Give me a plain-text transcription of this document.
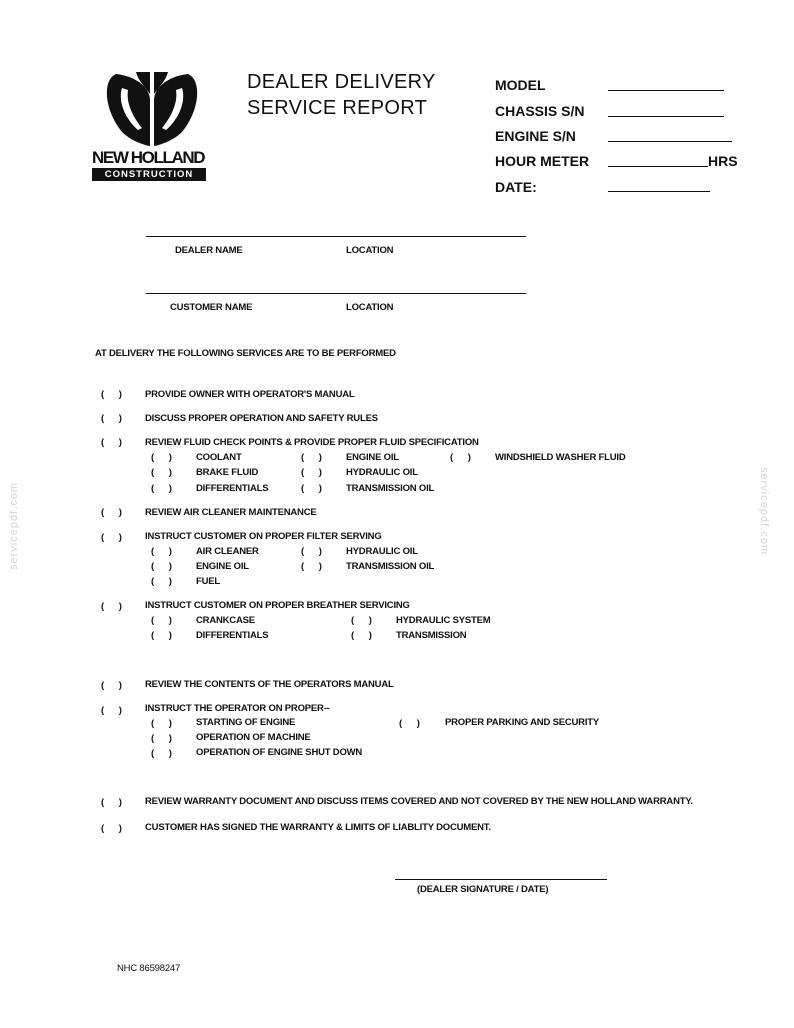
NEW HOLLAND
CONSTRUCTION
DEALER DELIVERY
SERVICE REPORT
MODEL
CHASSIS S/N
ENGINE S/N
HOUR METER	HRS
DATE:
DEALER NAME	LOCATION
CUSTOMER NAME	LOCATION
AT DELIVERY THE FOLLOWING SERVICES ARE TO BE PERFORMED
( ) PROVIDE OWNER WITH OPERATOR'S MANUAL
( ) DISCUSS PROPER OPERATION AND SAFETY RULES
( ) REVIEW FLUID CHECK POINTS & PROVIDE PROPER FLUID SPECIFICATION
( ) COOLANT	( ) ENGINE OIL	( ) WINDSHIELD WASHER FLUID
( ) BRAKE FLUID	( ) HYDRAULIC OIL
( ) DIFFERENTIALS	( ) TRANSMISSION OIL
( ) REVIEW AIR CLEANER MAINTENANCE
( ) INSTRUCT CUSTOMER ON PROPER FILTER SERVING
( ) AIR CLEANER	( ) HYDRAULIC OIL
( ) ENGINE OIL	( ) TRANSMISSION OIL
( ) FUEL
( ) INSTRUCT CUSTOMER ON PROPER BREATHER SERVICING
( ) CRANKCASE	( ) HYDRAULIC SYSTEM
( ) DIFFERENTIALS	( ) TRANSMISSION
( ) REVIEW THE CONTENTS OF THE OPERATORS MANUAL
( ) INSTRUCT THE OPERATOR ON PROPER--
( ) STARTING OF ENGINE	( ) PROPER PARKING AND SECURITY
( ) OPERATION OF MACHINE
( ) OPERATION OF ENGINE SHUT DOWN
( ) REVIEW WARRANTY DOCUMENT AND DISCUSS ITEMS COVERED AND NOT COVERED BY THE NEW HOLLAND WARRANTY.
( ) CUSTOMER HAS SIGNED THE WARRANTY & LIMITS OF LIABLITY DOCUMENT.
(DEALER SIGNATURE / DATE)
NHC 86598247
servicepdf.com	servicepdf.com
